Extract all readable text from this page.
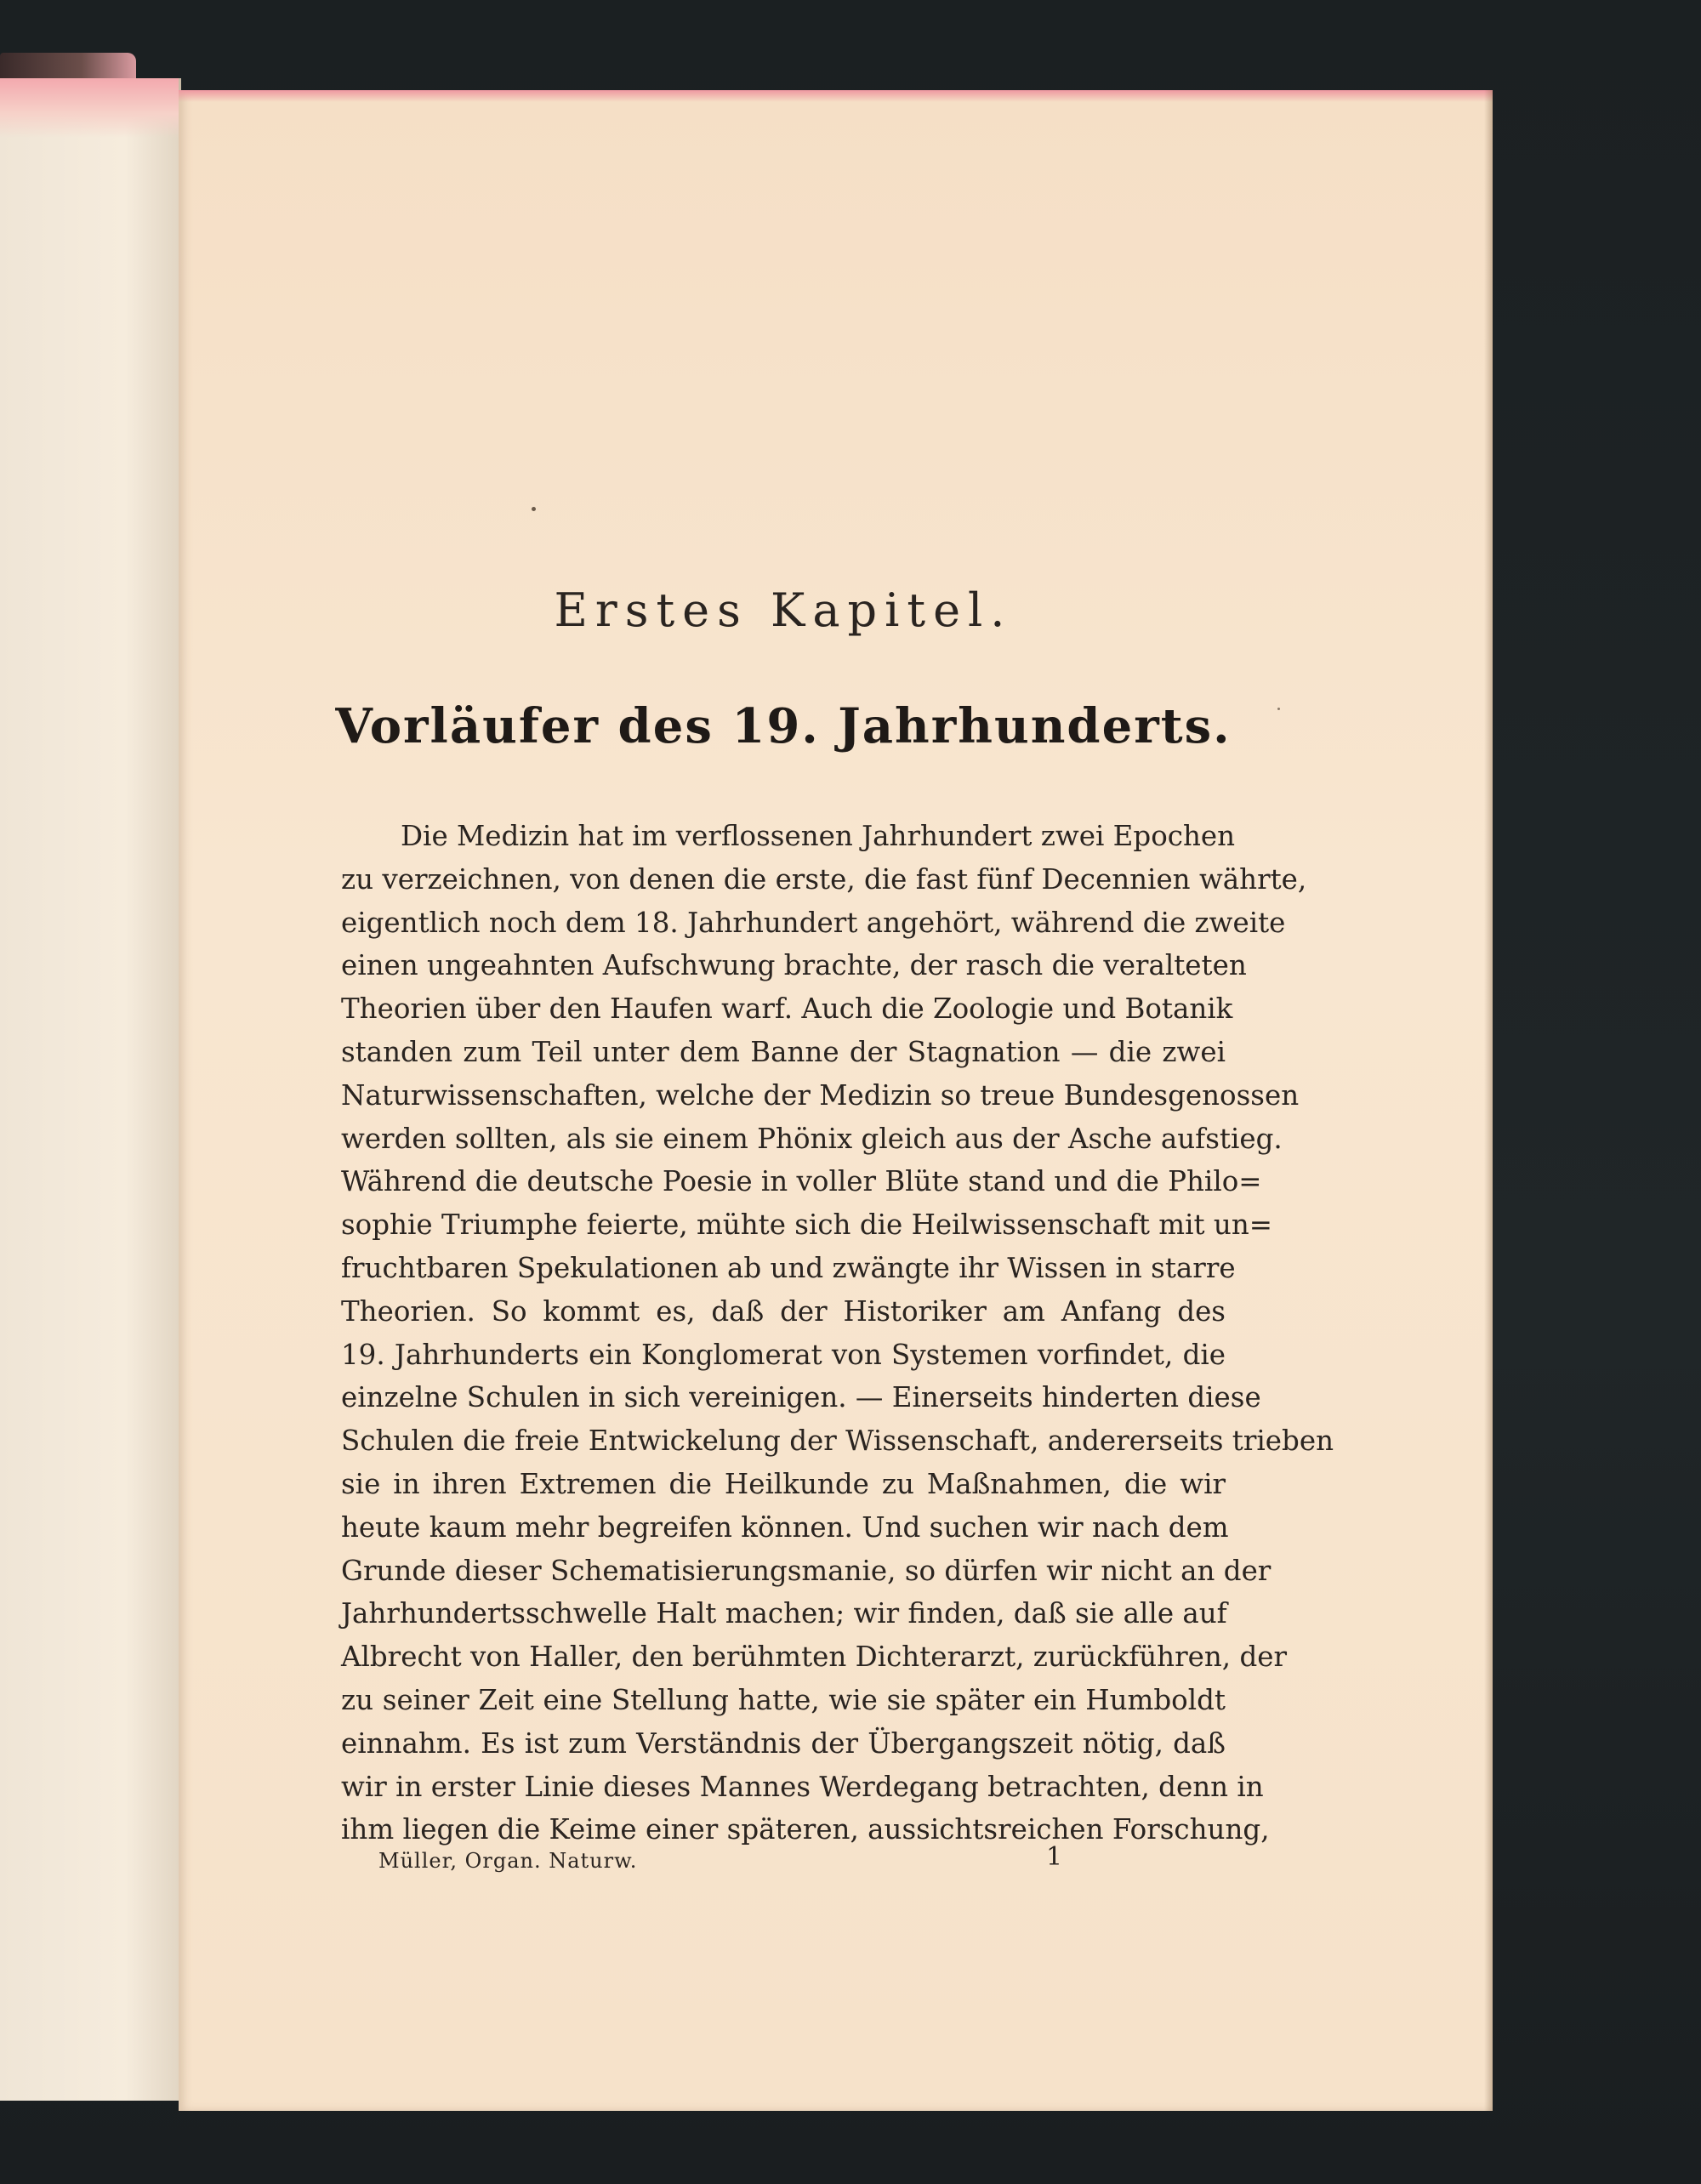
Erstes Kapitel.
Vorläufer des 19. Jahrhunderts.
Die Medizin hat im verflossenen Jahrhundert zwei Epochen
zu verzeichnen, von denen die erste, die fast fünf Decennien währte,
eigentlich noch dem 18. Jahrhundert angehört, während die zweite
einen ungeahnten Aufschwung brachte, der rasch die veralteten
Theorien über den Haufen warf. Auch die Zoologie und Botanik
standen zum Teil unter dem Banne der Stagnation — die zwei
Naturwissenschaften, welche der Medizin so treue Bundesgenossen
werden sollten, als sie einem Phönix gleich aus der Asche aufstieg.
Während die deutsche Poesie in voller Blüte stand und die Philo=
sophie Triumphe feierte, mühte sich die Heilwissenschaft mit un=
fruchtbaren Spekulationen ab und zwängte ihr Wissen in starre
Theorien. So kommt es, daß der Historiker am Anfang des
19. Jahrhunderts ein Konglomerat von Systemen vorfindet, die
einzelne Schulen in sich vereinigen. — Einerseits hinderten diese
Schulen die freie Entwickelung der Wissenschaft, andererseits trieben
sie in ihren Extremen die Heilkunde zu Maßnahmen, die wir
heute kaum mehr begreifen können. Und suchen wir nach dem
Grunde dieser Schematisierungsmanie, so dürfen wir nicht an der
Jahrhundertsschwelle Halt machen; wir finden, daß sie alle auf
Albrecht von Haller, den berühmten Dichterarzt, zurückführen, der
zu seiner Zeit eine Stellung hatte, wie sie später ein Humboldt
einnahm. Es ist zum Verständnis der Übergangszeit nötig, daß
wir in erster Linie dieses Mannes Werdegang betrachten, denn in
ihm liegen die Keime einer späteren, aussichtsreichen Forschung,
Müller, Organ. Naturw.	1
